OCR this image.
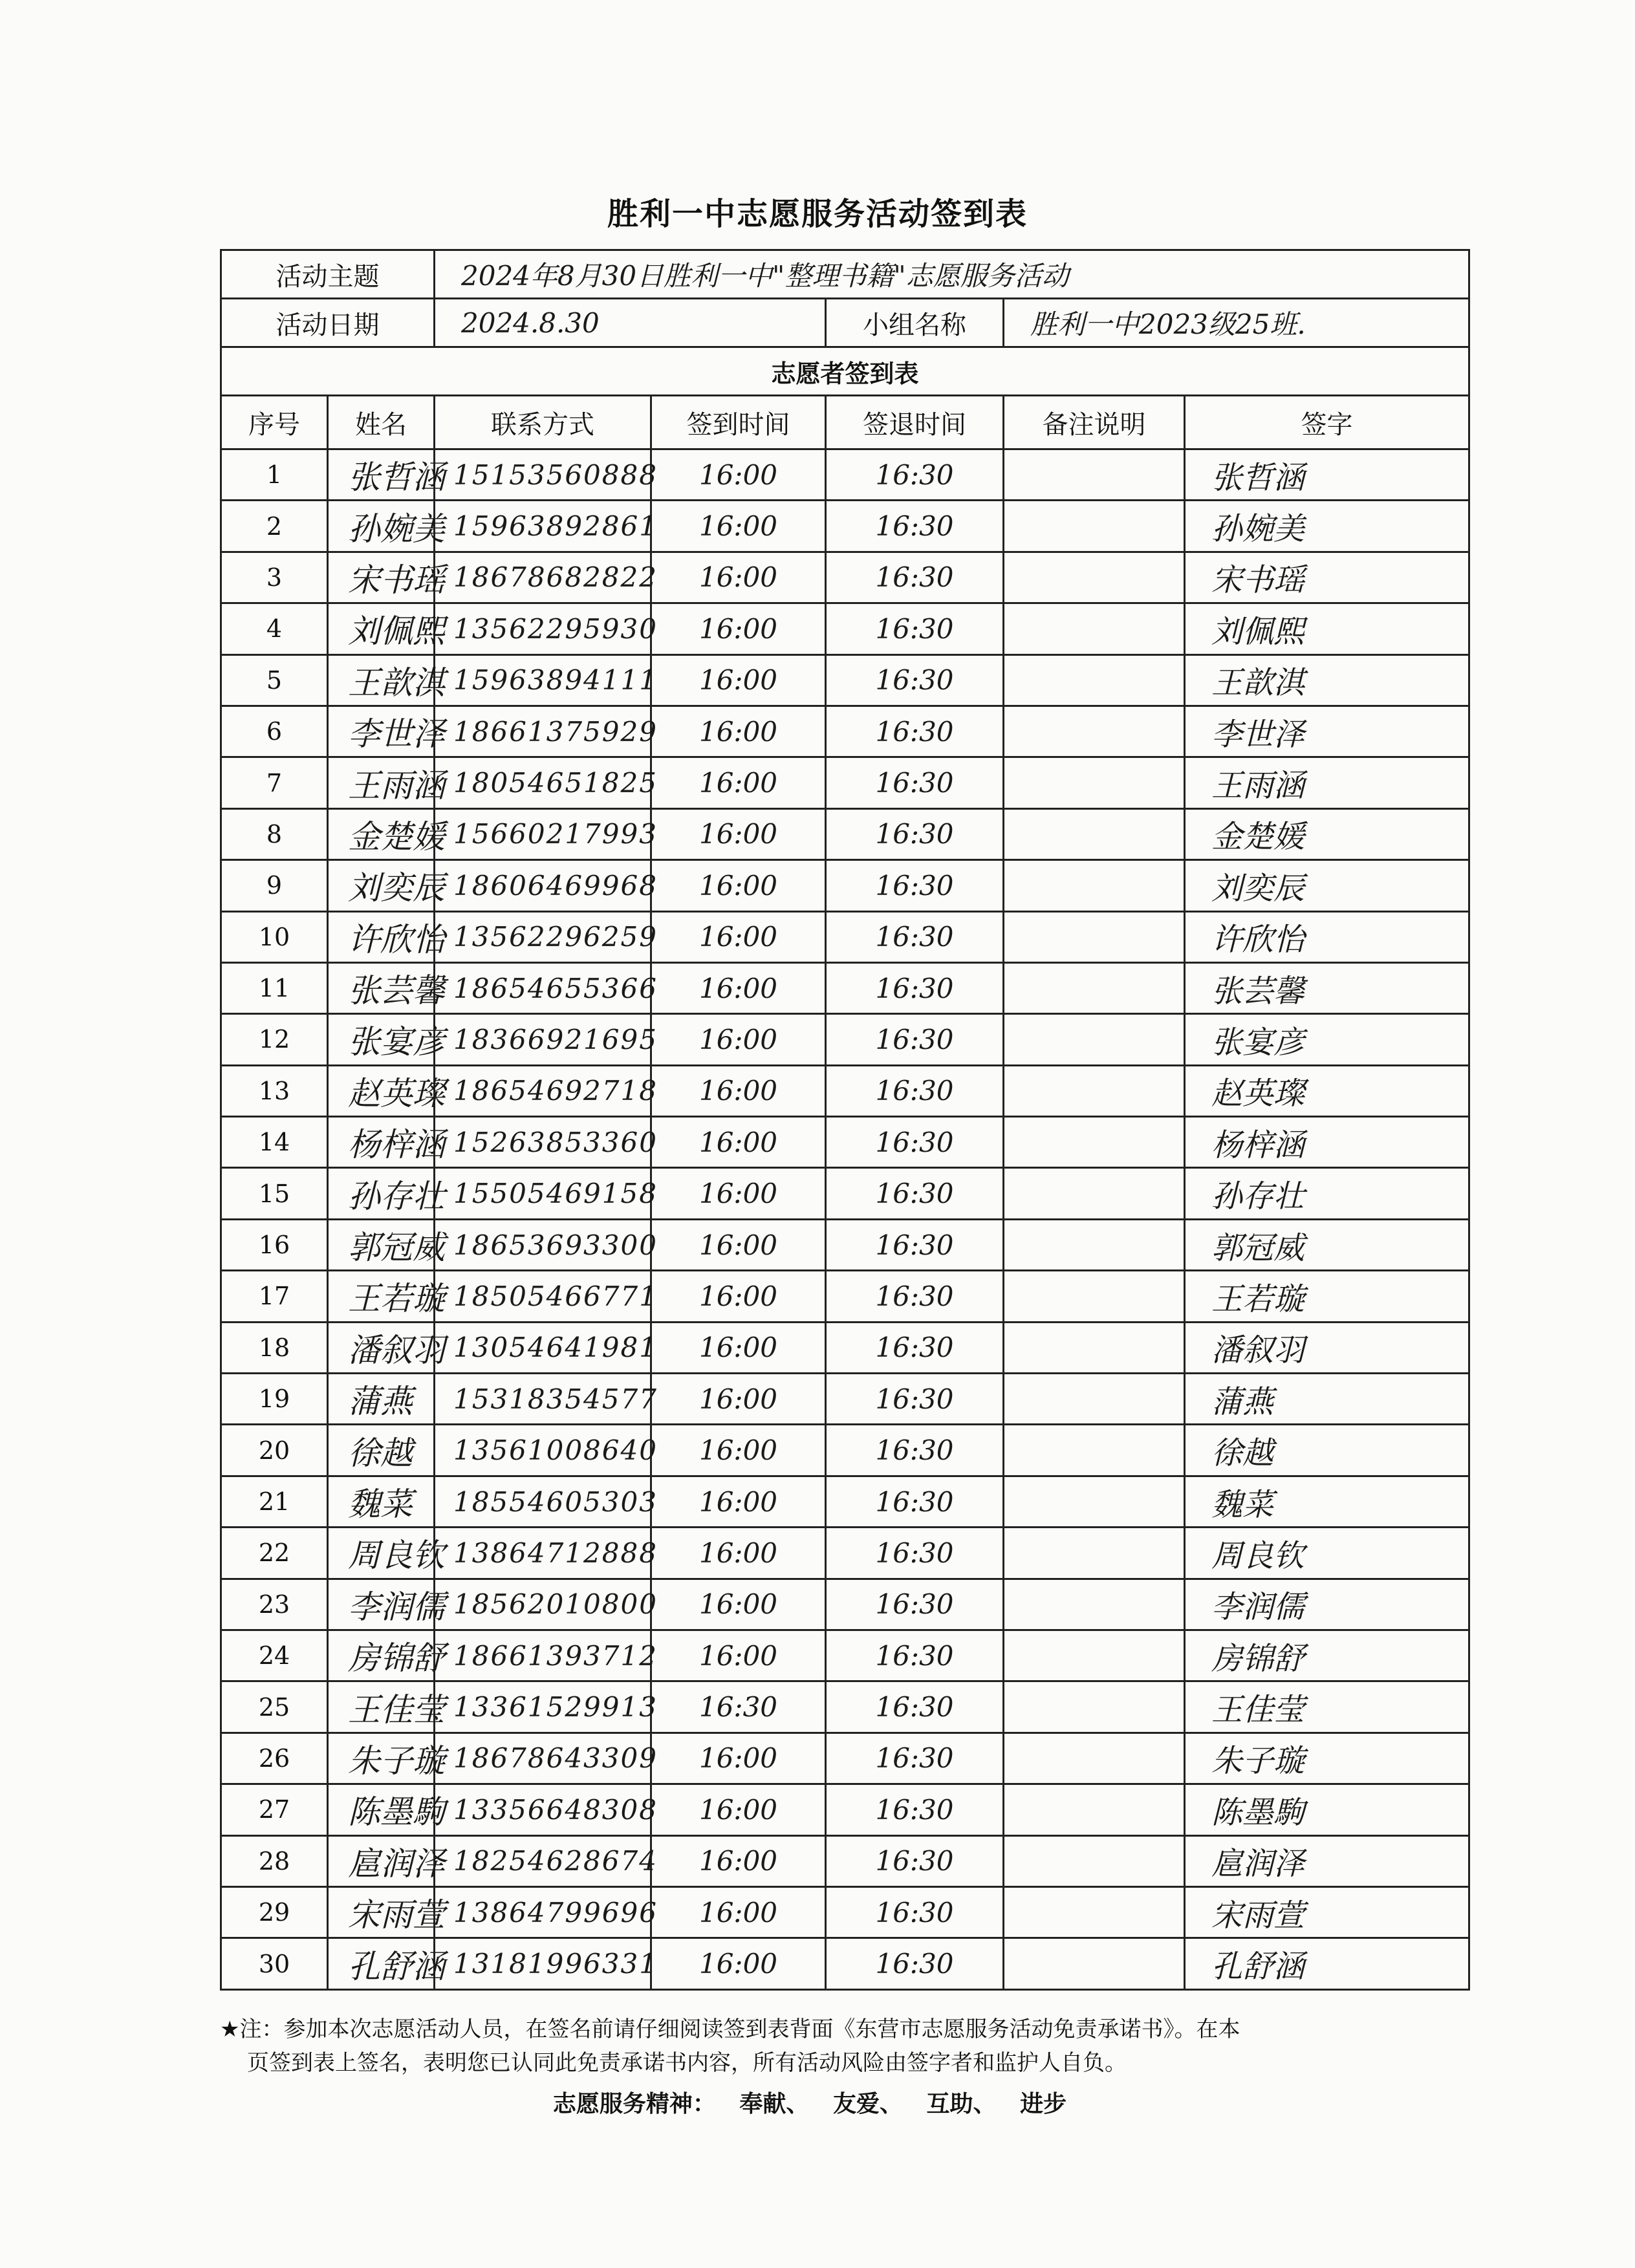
胜利一中志愿服务活动签到表
活动主题		2024年8月30日胜利一中"整理书籍"志愿服务活动				
活动日期		2024.8.30		小组名称	胜利一中2023级25班.	
志愿者签到表						
序号	姓名	联系方式	签到时间	签退时间	备注说明	签字
1	张哲涵	15153560888	16:00	16:30		张哲涵
2	孙婉美	15963892861	16:00	16:30		孙婉美
3	宋书瑶	18678682822	16:00	16:30		宋书瑶
4	刘佩熙	13562295930	16:00	16:30		刘佩熙
5	王歆淇	15963894111	16:00	16:30		王歆淇
6	李世泽	18661375929	16:00	16:30		李世泽
7	王雨涵	18054651825	16:00	16:30		王雨涵
8	金楚媛	15660217993	16:00	16:30		金楚媛
9	刘奕辰	18606469968	16:00	16:30		刘奕辰
10	许欣怡	13562296259	16:00	16:30		许欣怡
11	张芸馨	18654655366	16:00	16:30		张芸馨
12	张宴彦	18366921695	16:00	16:30		张宴彦
13	赵英璨	18654692718	16:00	16:30		赵英璨
14	杨梓涵	15263853360	16:00	16:30		杨梓涵
15	孙存壮	15505469158	16:00	16:30		孙存壮
16	郭冠威	18653693300	16:00	16:30		郭冠威
17	王若璇	18505466771	16:00	16:30		王若璇
18	潘叙羽	13054641981	16:00	16:30		潘叙羽
19	蒲燕	15318354577	16:00	16:30		蒲燕
20	徐越	13561008640	16:00	16:30		徐越
21	魏菜	18554605303	16:00	16:30		魏菜
22	周良钦	13864712888	16:00	16:30		周良钦
23	李润儒	18562010800	16:00	16:30		李润儒
24	房锦舒	18661393712	16:00	16:30		房锦舒
25	王佳莹	13361529913	16:30	16:30		王佳莹
26	朱子璇	18678643309	16:00	16:30		朱子璇
27	陈墨駒	13356648308	16:00	16:30		陈墨駒
28	扈润泽	18254628674	16:00	16:30		扈润泽
29	宋雨萱	13864799696	16:00	16:30		宋雨萱
30	孔舒涵	13181996331	16:00	16:30		孔舒涵
★注：参加本次志愿活动人员，在签名前请仔细阅读签到表背面《东营市志愿服务活动免责承诺书》。在本
页签到表上签名，表明您已认同此免责承诺书内容，所有活动风险由签字者和监护人自负。
志愿服务精神： 奉献、 友爱、 互助、 进步
